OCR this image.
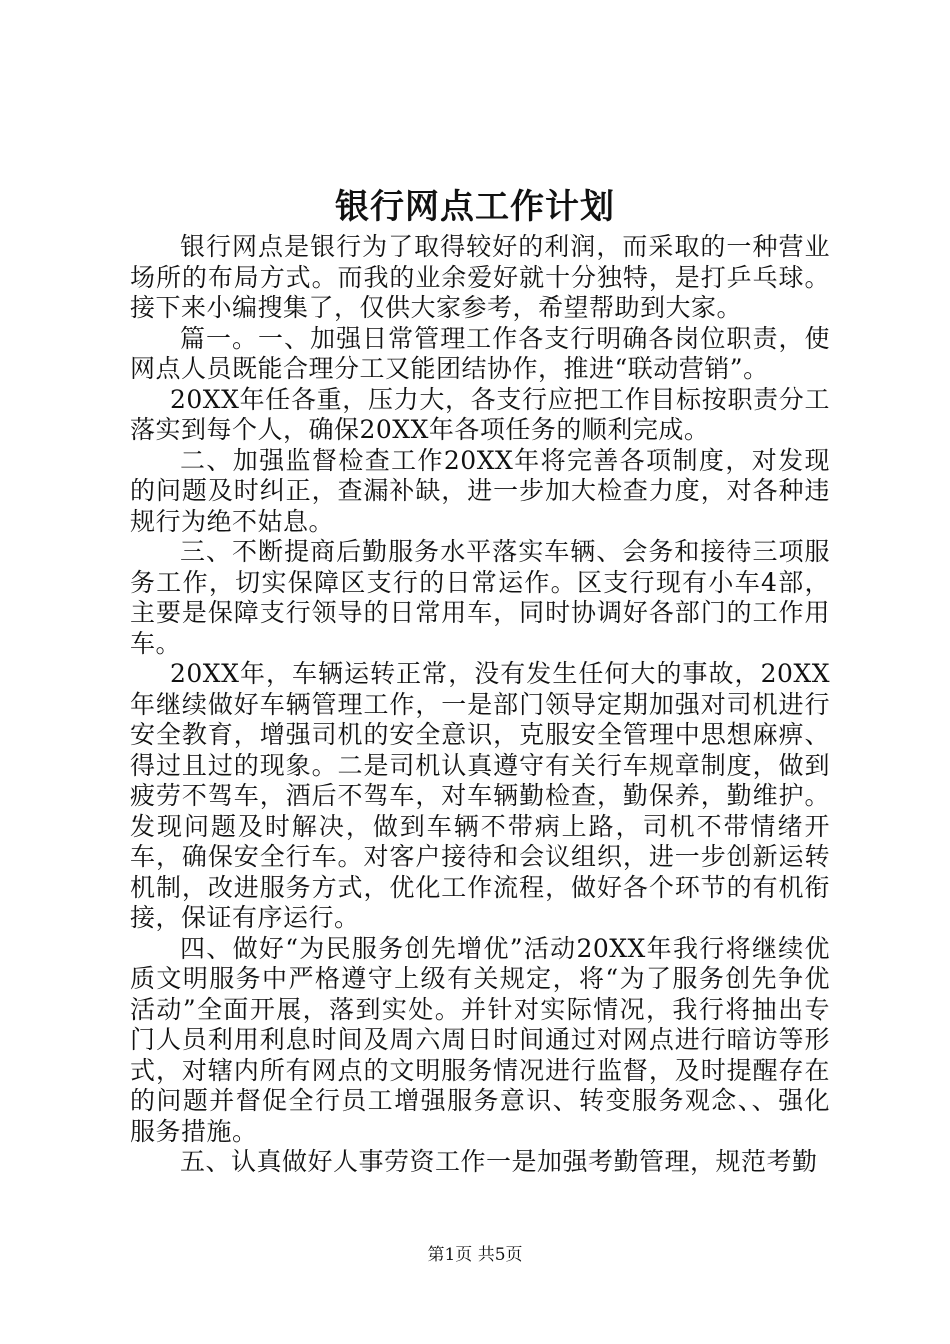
银行网点工作计划

银行网点是银行为了取得较好的利润，而采取的一种营业场所的布局方式。而我的业余爱好就十分独特，是打乒乓球。接下来小编搜集了，仅供大家参考，希望帮助到大家。

篇一。一、加强日常管理工作各支行明确各岗位职责，使网点人员既能合理分工又能团结协作，推进“联动营销”。

20XX年任各重，压力大，各支行应把工作目标按职责分工落实到每个人，确保20XX年各项任务的顺利完成。

二、加强监督检查工作20XX年将完善各项制度，对发现的问题及时纠正，查漏补缺，进一步加大检查力度，对各种违规行为绝不姑息。

三、不断提商后勤服务水平落实车辆、会务和接待三项服务工作，切实保障区支行的日常运作。区支行现有小车4部，主要是保障支行领导的日常用车，同时协调好各部门的工作用车。

20XX年，车辆运转正常，没有发生任何大的事故，20XX年继续做好车辆管理工作，一是部门领导定期加强对司机进行安全教育，增强司机的安全意识，克服安全管理中思想麻痹、得过且过的现象。二是司机认真遵守有关行车规章制度，做到疲劳不驾车，酒后不驾车，对车辆勤检查，勤保养，勤维护。发现问题及时解决，做到车辆不带病上路，司机不带情绪开车，确保安全行车。对客户接待和会议组织，进一步创新运转机制，改进服务方式，优化工作流程，做好各个环节的有机衔接，保证有序运行。

四、做好“为民服务创先增优”活动20XX年我行将继续优质文明服务中严格遵守上级有关规定，将“为了服务创先争优活动”全面开展，落到实处。并针对实际情况，我行将抽出专门人员利用利息时间及周六周日时间通过对网点进行暗访等形式，对辖内所有网点的文明服务情况进行监督，及时提醒存在的问题并督促全行员工增强服务意识、转变服务观念、、强化服务措施。

五、认真做好人事劳资工作一是加强考勤管理，规范考勤

第1页 共5页
